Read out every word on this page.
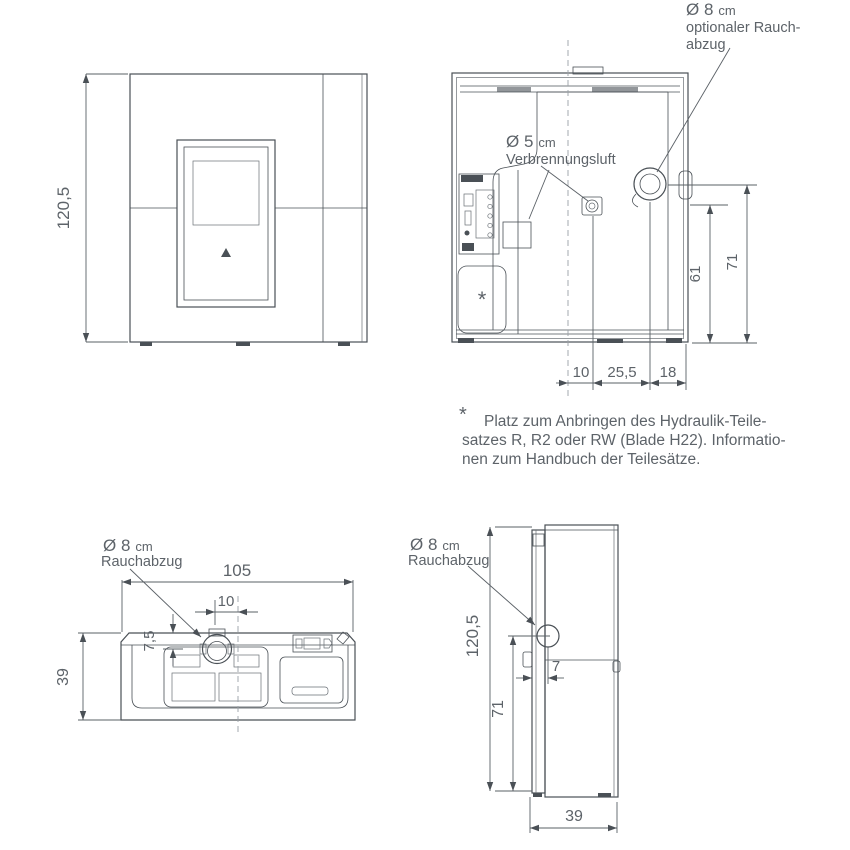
120,5
*
Ø 8 cm
optionaler Rauch-
abzug
Ø 5 cm
Verbrennungsluft
61
71
10 25,5 18
* Platz zum Anbringen des Hydraulik-Teile-
satzes R, R2 oder RW (Blade H22). Informatio-
nen zum Handbuch der Teilesätze.
105
10
7,5
39
Ø 8 cm
Rauchabzug
Ø 8 cm
Rauchabzug
120,5
71
7
39
